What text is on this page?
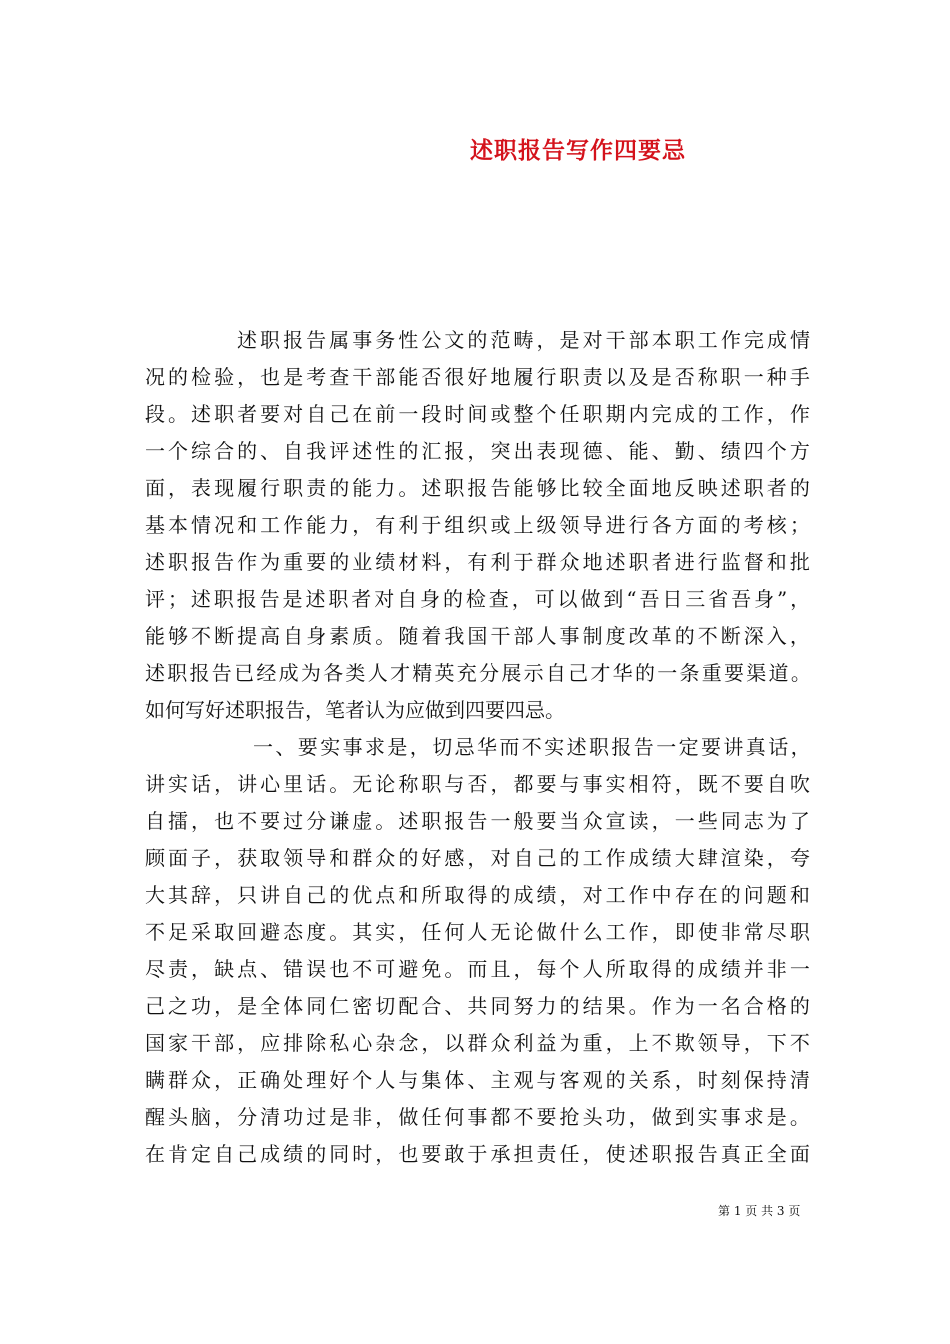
述职报告写作四要忌
述职报告属事务性公文的范畴，是对干部本职工作完成情
况的检验，也是考查干部能否很好地履行职责以及是否称职一种手
段。述职者要对自己在前一段时间或整个任职期内完成的工作，作
一个综合的、自我评述性的汇报，突出表现德、能、勤、绩四个方
面，表现履行职责的能力。述职报告能够比较全面地反映述职者的
基本情况和工作能力，有利于组织或上级领导进行各方面的考核；
述职报告作为重要的业绩材料，有利于群众地述职者进行监督和批
评；述职报告是述职者对自身的检查，可以做到“吾日三省吾身”，
能够不断提高自身素质。随着我国干部人事制度改革的不断深入，
述职报告已经成为各类人才精英充分展示自己才华的一条重要渠道。
如何写好述职报告，笔者认为应做到四要四忌。
一、要实事求是，切忌华而不实述职报告一定要讲真话，
讲实话，讲心里话。无论称职与否，都要与事实相符，既不要自吹
自擂，也不要过分谦虚。述职报告一般要当众宣读，一些同志为了
顾面子，获取领导和群众的好感，对自己的工作成绩大肆渲染，夸
大其辞，只讲自己的优点和所取得的成绩，对工作中存在的问题和
不足采取回避态度。其实，任何人无论做什么工作，即使非常尽职
尽责，缺点、错误也不可避免。而且，每个人所取得的成绩并非一
己之功，是全体同仁密切配合、共同努力的结果。作为一名合格的
国家干部，应排除私心杂念，以群众利益为重，上不欺领导，下不
瞒群众，正确处理好个人与集体、主观与客观的关系，时刻保持清
醒头脑，分清功过是非，做任何事都不要抢头功，做到实事求是。
在肯定自己成绩的同时，也要敢于承担责任，使述职报告真正全面
第 1 页 共 3 页
